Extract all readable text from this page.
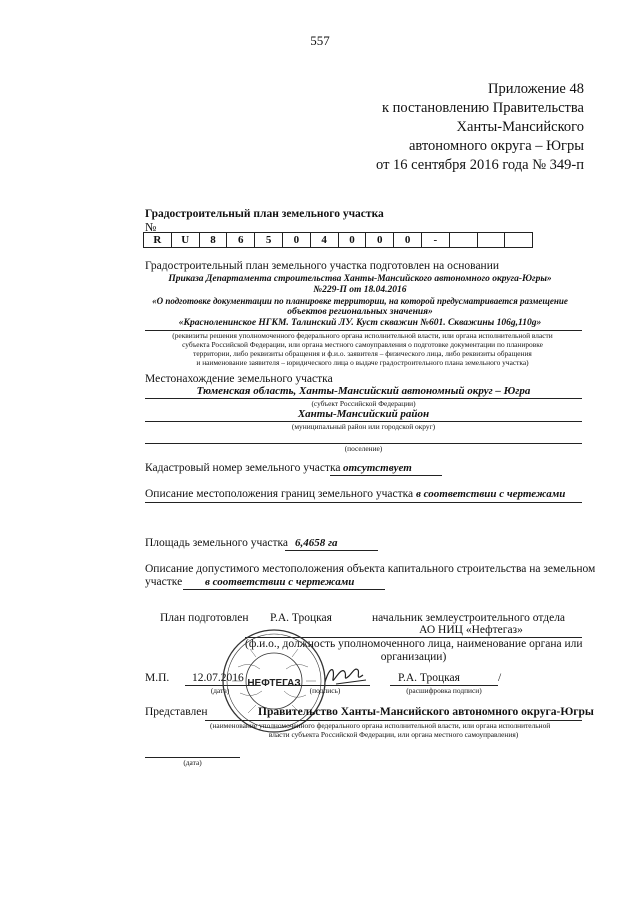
557
Приложение 48
к постановлению Правительства
Ханты-Мансийского
автономного округа – Югры
от 16 сентября 2016 года № 349-п
Градостроительный план земельного участка
№
R	U	8	6	5	0	4	0	0	0	-			
Градостроительный план земельного участка подготовлен на основании
Приказа Департамента строительства Ханты-Мансийского автономного округа-Югры»
№229-П от 18.04.2016
«О подготовке документации по планировке территории, на которой предусматривается размещение
объектов региональных значения»
«Красноленинское НГКМ. Талинский ЛУ. Куст скважин №601. Скважины 106g,110g»
(реквизиты решения уполномоченного федерального органа исполнительной власти, или органа исполнительной власти
субъекта Российской Федерации, или органа местного самоуправления о подготовке документации по планировке
территории, либо реквизиты обращения и ф.и.о. заявителя – физического лица, либо реквизиты обращения
и наименование заявителя – юридического лица о выдаче градостроительного плана земельного участка)
Местонахождение земельного участка
Тюменская область, Ханты-Мансийский автономный округ – Югра
(субъект Российской Федерации)
Ханты-Мансийский район
(муниципальный район или городской округ)
(поселение)
Кадастровый номер земельного участка отсутствует
Описание местоположения границ земельного участка в соответствии с чертежами
Площадь земельного участка 6,4658 га
Описание допустимого местоположения объекта капитального строительства на земельном
участке в соответствии с чертежами
План подготовлен Р.А. Троцкая	начальник землеустроительного отдела
АО НИЦ «Нефтегаз»
(ф.и.о., должность уполномоченного лица, наименование органа или
организации)
М.П. 12.07.2016
(дата)	(подпись)
Р.А. Троцкая	/
(расшифровка подписи)
НЕФТЕГАЗ
Представлен	Правительство Ханты-Мансийского автономного округа-Югры
(наименование уполномоченного федерального органа исполнительной власти, или органа исполнительной
власти субъекта Российской Федерации, или органа местного самоуправления)
(дата)
